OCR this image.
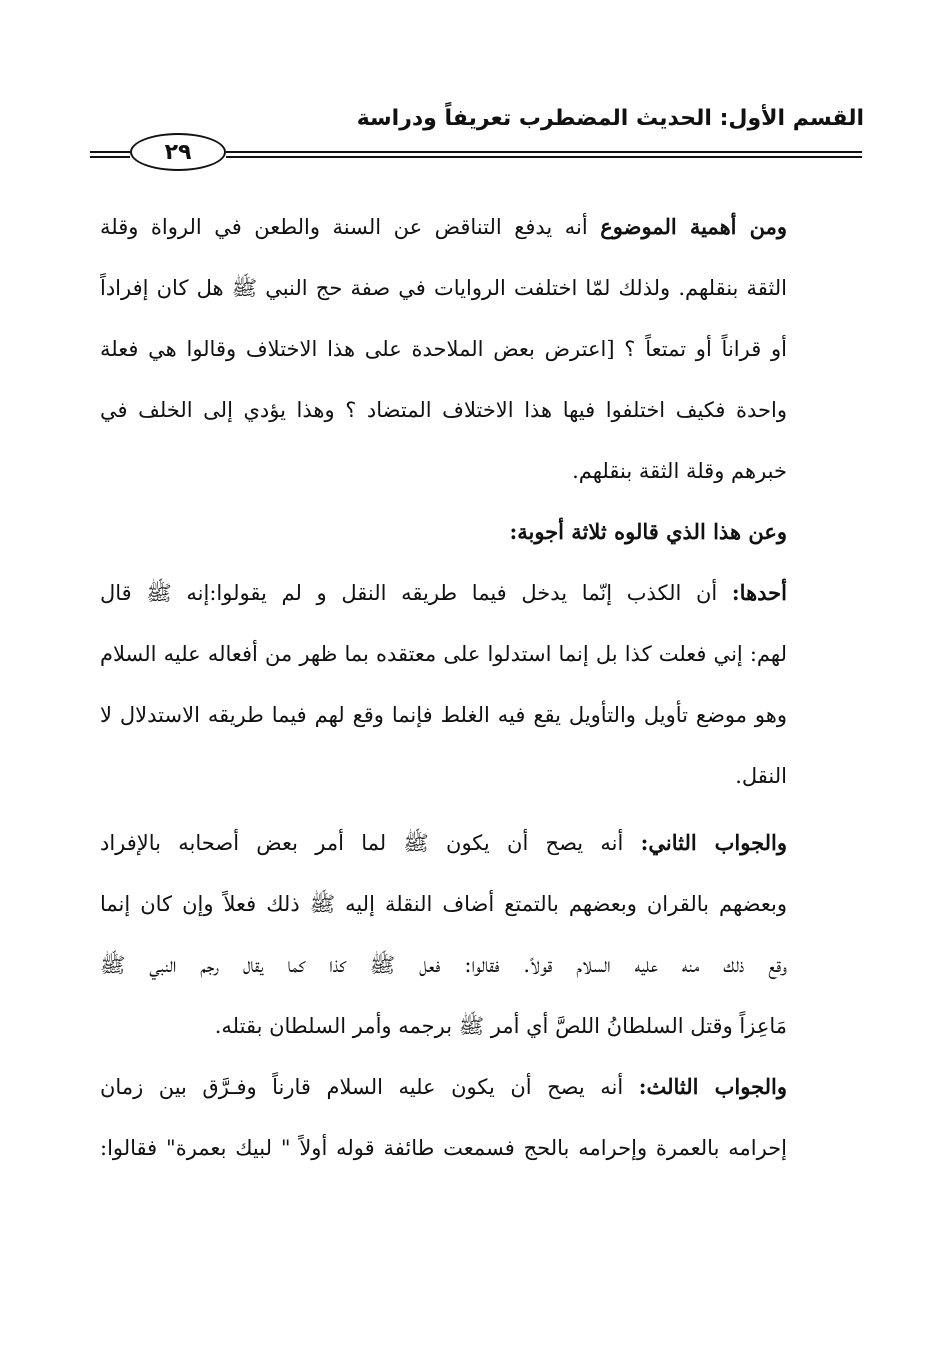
القسم الأول: الحديث المضطرب تعريفاً ودراسة
٢٩
ومن أهمية الموضوع أنه يدفع التناقض عن السنة والطعن في الرواة وقلة
الثقة بنقلهم. ولذلك لمّا اختلفت الروايات في صفة حج النبي ﷺ هل كان إفراداً
أو قراناً أو تمتعاً ؟ [اعترض بعض الملاحدة على هذا الاختلاف وقالوا هي فعلة
واحدة فكيف اختلفوا فيها هذا الاختلاف المتضاد ؟ وهذا يؤدي إلى الخلف في
خبرهم وقلة الثقة بنقلهم.
وعن هذا الذي قالوه ثلاثة أجوبة:
أحدها: أن الكذب إنّما يدخل فيما طريقه النقل و لم يقولوا:إنه ﷺ قال
لهم: إني فعلت كذا بل إنما استدلوا على معتقده بما ظهر من أفعاله عليه السلام
وهو موضع تأويل والتأويل يقع فيه الغلط فإنما وقع لهم فيما طريقه الاستدلال لا
النقل.
والجواب الثاني: أنه يصح أن يكون ﷺ لما أمر بعض أصحابه بالإفراد
وبعضهم بالقران وبعضهم بالتمتع أضاف النقلة إليه ﷺ ذلك فعلاً وإن كان إنما
وقع ذلك منه عليه السلام قولاً. فقالوا: فعل ﷺ كذا كما يقال رجم النبي ﷺ
مَاعِزاً وقتل السلطانُ اللصَّ أي أمر ﷺ برجمه وأمر السلطان بقتله.
والجواب الثالث: أنه يصح أن يكون عليه السلام قارناً وفـرَّق بين زمان
إحرامه بالعمرة وإحرامه بالحج فسمعت طائفة قوله أولاً " لبيك بعمرة" فقالوا:
